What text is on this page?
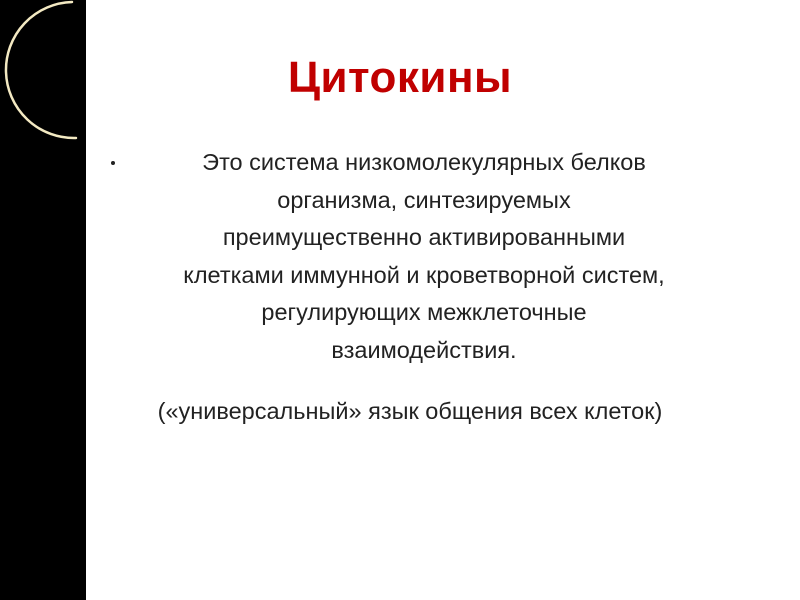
Цитокины
Это система низкомолекулярных белков
организма, синтезируемых
преимущественно активированными
клетками иммунной и кроветворной систем,
регулирующих межклеточные
взаимодействия.
(«универсальный» язык общения всех клеток)
